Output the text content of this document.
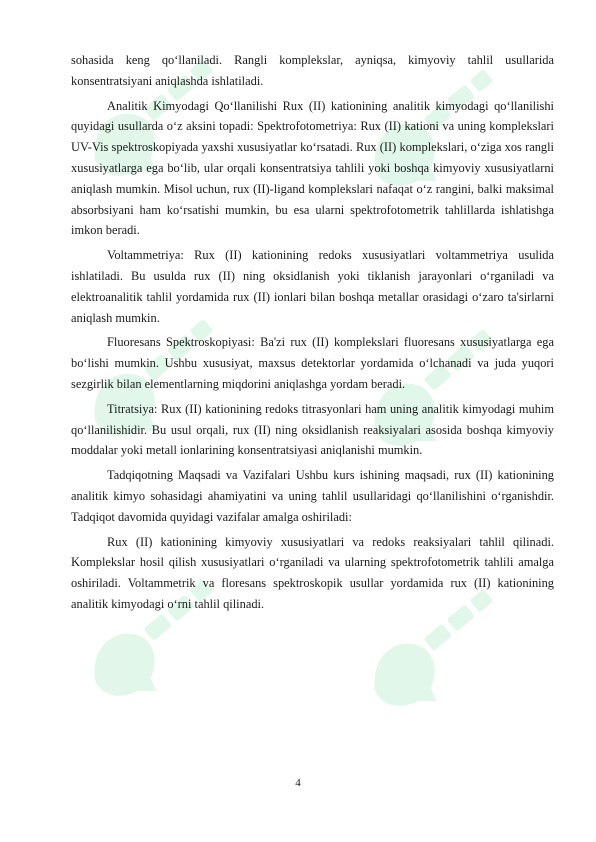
sohasida keng qo‘llaniladi. Rangli komplekslar, ayniqsa, kimyoviy tahlil usullarida konsentratsiyani aniqlashda ishlatiladi.

Analitik Kimyodagi Qo‘llanilishi Rux (II) kationining analitik kimyodagi qo‘llanilishi quyidagi usullarda o‘z aksini topadi: Spektrofotometriya: Rux (II) kationi va uning komplekslari UV-Vis spektroskopiyada yaxshi xususiyatlar ko‘rsatadi. Rux (II) komplekslari, o‘ziga xos rangli xususiyatlarga ega bo‘lib, ular orqali konsentratsiya tahlili yoki boshqa kimyoviy xususiyatlarni aniqlash mumkin. Misol uchun, rux (II)-ligand komplekslari nafaqat o‘z rangini, balki maksimal absorbsiyani ham ko‘rsatishi mumkin, bu esa ularni spektrofotometrik tahlillarda ishlatishga imkon beradi.

Voltammetriya: Rux (II) kationining redoks xususiyatlari voltammetriya usulida ishlatiladi. Bu usulda rux (II) ning oksidlanish yoki tiklanish jarayonlari o‘rganiladi va elektroanalitik tahlil yordamida rux (II) ionlari bilan boshqa metallar orasidagi o‘zaro ta'sirlarni aniqlash mumkin.

Fluoresans Spektroskopiyasi: Ba'zi rux (II) komplekslari fluoresans xususiyatlarga ega bo‘lishi mumkin. Ushbu xususiyat, maxsus detektorlar yordamida o‘lchanadi va juda yuqori sezgirlik bilan elementlarning miqdorini aniqlashga yordam beradi.

Titratsiya: Rux (II) kationining redoks titrasyonlari ham uning analitik kimyodagi muhim qo‘llanilishidir. Bu usul orqali, rux (II) ning oksidlanish reaksiyalari asosida boshqa kimyoviy moddalar yoki metall ionlarining konsentratsiyasi aniqlanishi mumkin.

Tadqiqotning Maqsadi va Vazifalari Ushbu kurs ishining maqsadi, rux (II) kationining analitik kimyo sohasidagi ahamiyatini va uning tahlil usullaridagi qo‘llanilishini o‘rganishdir. Tadqiqot davomida quyidagi vazifalar amalga oshiriladi:

Rux (II) kationining kimyoviy xususiyatlari va redoks reaksiyalari tahlil qilinadi. Komplekslar hosil qilish xususiyatlari o‘rganiladi va ularning spektrofotometrik tahlili amalga oshiriladi. Voltammetrik va floresans spektroskopik usullar yordamida rux (II) kationining analitik kimyodagi o‘rni tahlil qilinadi.

4
